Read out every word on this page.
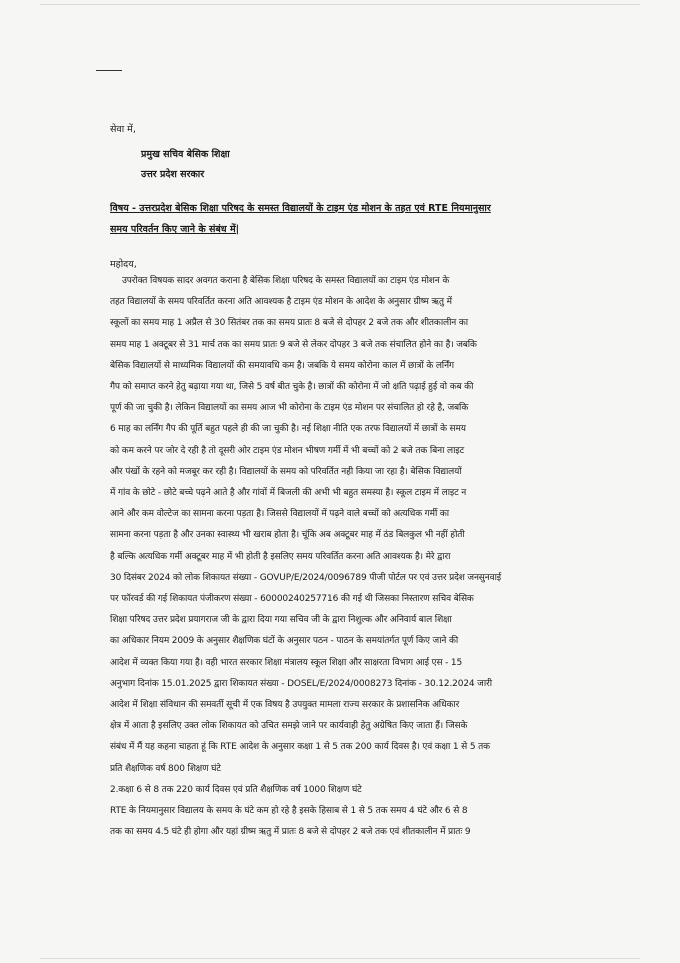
सेवा में,
प्रमुख सचिव बेसिक शिक्षा
उत्तर प्रदेश सरकार
विषय - उत्तरप्रदेश बेसिक शिक्षा परिषद के समस्त विद्यालयों के टाइम एंड मोशन के तहत एवं RTE नियमानुसार
समय परिवर्तन किए जाने के संबंध में|
महोदय,
उपरोक्त विषयक सादर अवगत कराना है बेसिक शिक्षा परिषद के समस्त विद्यालयों का टाइम एंड मोशन के
तहत विद्यालयों के समय परिवर्तित करना अति आवश्यक है टाइम एंड मोशन के आदेश के अनुसार ग्रीष्म ऋतु में
स्कूलों का समय माह 1 अप्रैल से 30 सितंबर तक का समय प्रातः 8 बजे से दोपहर 2 बजे तक और शीतकालीन का
समय माह 1 अक्टूबर से 31 मार्च तक का समय प्रातः 9 बजे से लेकर दोपहर 3 बजे तक संचालित होने का है। जबकि
बेसिक विद्यालयों से माध्यमिक विद्यालयों की समयावधि कम है। जबकि ये समय कोरोना काल में छात्रों के लर्निंग
गैप को समाप्त करने हेतु बढ़ाया गया था, जिसे 5 वर्ष बीत चुके है। छात्रों की कोरोना में जो क्षति पढ़ाई हुई वो कब की
पूर्ण की जा चुकी है। लेकिन विद्यालयों का समय आज भी कोरोना के टाइम एंड मोशन पर संचालित हो रहे है, जबकि
6 माह का लर्निंग गैप की पूर्ति बहुत पहले ही की जा चुकी है। नई शिक्षा नीति एक तरफ विद्यालयों में छात्रों के समय
को कम करने पर जोर दे रही है तो दूसरी ओर टाइम एंड मोशन भीषण गर्मी में भी बच्चों को 2 बजे तक बिना लाइट
और पंखों के रहने को मजबूर कर रही है। विद्यालयों के समय को परिवर्तित नही किया जा रहा है। बेसिक विद्यालयों
में गांव के छोटे - छोटे बच्चे पढ़ने आते है और गांवों में बिजली की अभी भी बहुत समस्या है। स्कूल टाइम में लाइट न
आने और कम वोल्टेज का सामना करना पड़ता है। जिससे विद्यालयों में पढ़ने वाले बच्चों को अत्यधिक गर्मी का
सामना करना पड़ता है और उनका स्वास्थ्य भी खराब होता है। चूंकि अब अक्टूबर माह में ठंड बिलकुल भी नहीं होती
है बल्कि अत्यधिक गर्मी अक्टूबर माह में भी होती है इसलिए समय परिवर्तित करना अति आवश्यक है। मेरे द्वारा
30 दिसंबर 2024 को लोक शिकायत संख्या - GOVUP/E/2024/0096789 पीजी पोर्टल पर एवं उत्तर प्रदेश जनसुनवाई
पर फॉरवर्ड की गई शिकायत पंजीकरण संख्या - 60000240257716 की गई थी जिसका निस्तारण सचिव बेसिक
शिक्षा परिषद उत्तर प्रदेश प्रयागराज जी के द्वारा दिया गया सचिव जी के द्वारा निशुल्क और अनिवार्य बाल शिक्षा
का अधिकार नियम 2009 के अनुसार शैक्षणिक घंटों के अनुसार पठन - पाठन के समयांतर्गत पूर्ण किए जाने की
आदेश में व्यक्त किया गया है। वही भारत सरकार शिक्षा मंत्रालय स्कूल शिक्षा और साक्षरता विभाग आई एस - 15
अनुभाग दिनांक 15.01.2025 द्वारा शिकायत संख्या - DOSEL/E/2024/0008273 दिनांक - 30.12.2024 जारी
आदेश में शिक्षा संविधान की समवर्ती सूची में एक विषय है उपयुक्त मामला राज्य सरकार के प्रशासनिक अधिकार
क्षेत्र में आता है इसलिए उक्त लोक शिकायत को उचित समझे जाने पर कार्यवाही हेतु अग्रेषित किए जाता हैं। जिसके
संबंध में मैं यह कहना चाहता हूं कि RTE आदेश के अनुसार कक्षा 1 से 5 तक 200 कार्य दिवस है। एवं कक्षा 1 से 5 तक
प्रति शैक्षणिक वर्ष 800 शिक्षण घंटे
2.कक्षा 6 से 8 तक 220 कार्य दिवस एवं प्रति शैक्षणिक वर्ष 1000 शिक्षण घंटे
RTE के नियमानुसार विद्यालय के समय के घंटे कम हो रहे है इसके हिसाब से 1 से 5 तक समय 4 घंटे और 6 से 8
तक का समय 4.5 घंटे ही होगा और यहां ग्रीष्म ऋतु में प्रातः 8 बजे से दोपहर 2 बजे तक एवं शीतकालीन में प्रातः 9
